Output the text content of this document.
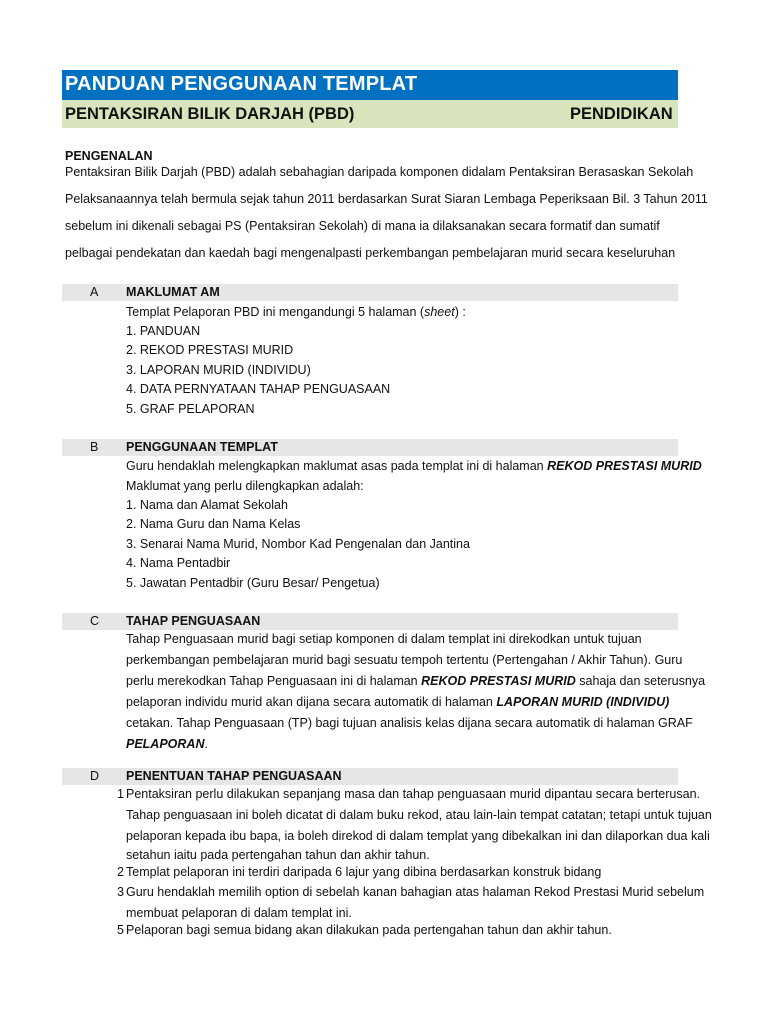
PANDUAN PENGGUNAAN TEMPLAT
PENTAKSIRAN BILIK DARJAH (PBD)	PENDIDIKAN
PENGENALAN
Pentaksiran Bilik Darjah (PBD) adalah sebahagian daripada komponen didalam Pentaksiran Berasaskan Sekolah
Pelaksanaannya telah bermula sejak tahun 2011 berdasarkan Surat Siaran Lembaga Peperiksaan Bil. 3 Tahun 2011
sebelum ini dikenali sebagai PS (Pentaksiran Sekolah) di mana ia dilaksanakan secara formatif dan sumatif
pelbagai pendekatan dan kaedah bagi mengenalpasti perkembangan pembelajaran murid secara keseluruhan
A MAKLUMAT AM
Templat Pelaporan PBD ini mengandungi 5 halaman (sheet) :
1. PANDUAN
2. REKOD PRESTASI MURID
3. LAPORAN MURID (INDIVIDU)
4. DATA PERNYATAAN TAHAP PENGUASAAN
5. GRAF PELAPORAN
B PENGGUNAAN TEMPLAT
Guru hendaklah melengkapkan maklumat asas pada templat ini di halaman REKOD PRESTASI MURID
Maklumat yang perlu dilengkapkan adalah:
1. Nama dan Alamat Sekolah
2. Nama Guru dan Nama Kelas
3. Senarai Nama Murid, Nombor Kad Pengenalan dan Jantina
4. Nama Pentadbir
5. Jawatan Pentadbir (Guru Besar/ Pengetua)
C TAHAP PENGUASAAN
Tahap Penguasaan murid bagi setiap komponen di dalam templat ini direkodkan untuk tujuan
perkembangan pembelajaran murid bagi sesuatu tempoh tertentu (Pertengahan / Akhir Tahun). Guru
perlu merekodkan Tahap Penguasaan ini di halaman REKOD PRESTASI MURID sahaja dan seterusnya
pelaporan individu murid akan dijana secara automatik di halaman LAPORAN MURID (INDIVIDU)
cetakan. Tahap Penguasaan (TP) bagi tujuan analisis kelas dijana secara automatik di halaman GRAF
PELAPORAN.
D PENENTUAN TAHAP PENGUASAAN
1 Pentaksiran perlu dilakukan sepanjang masa dan tahap penguasaan murid dipantau secara berterusan.
Tahap penguasaan ini boleh dicatat di dalam buku rekod, atau lain-lain tempat catatan; tetapi untuk tujuan
pelaporan kepada ibu bapa, ia boleh direkod di dalam templat yang dibekalkan ini dan dilaporkan dua kali
setahun iaitu pada pertengahan tahun dan akhir tahun.
2 Templat pelaporan ini terdiri daripada 6 lajur yang dibina berdasarkan konstruk bidang
3 Guru hendaklah memilih option di sebelah kanan bahagian atas halaman Rekod Prestasi Murid sebelum
membuat pelaporan di dalam templat ini.
5 Pelaporan bagi semua bidang akan dilakukan pada pertengahan tahun dan akhir tahun.
